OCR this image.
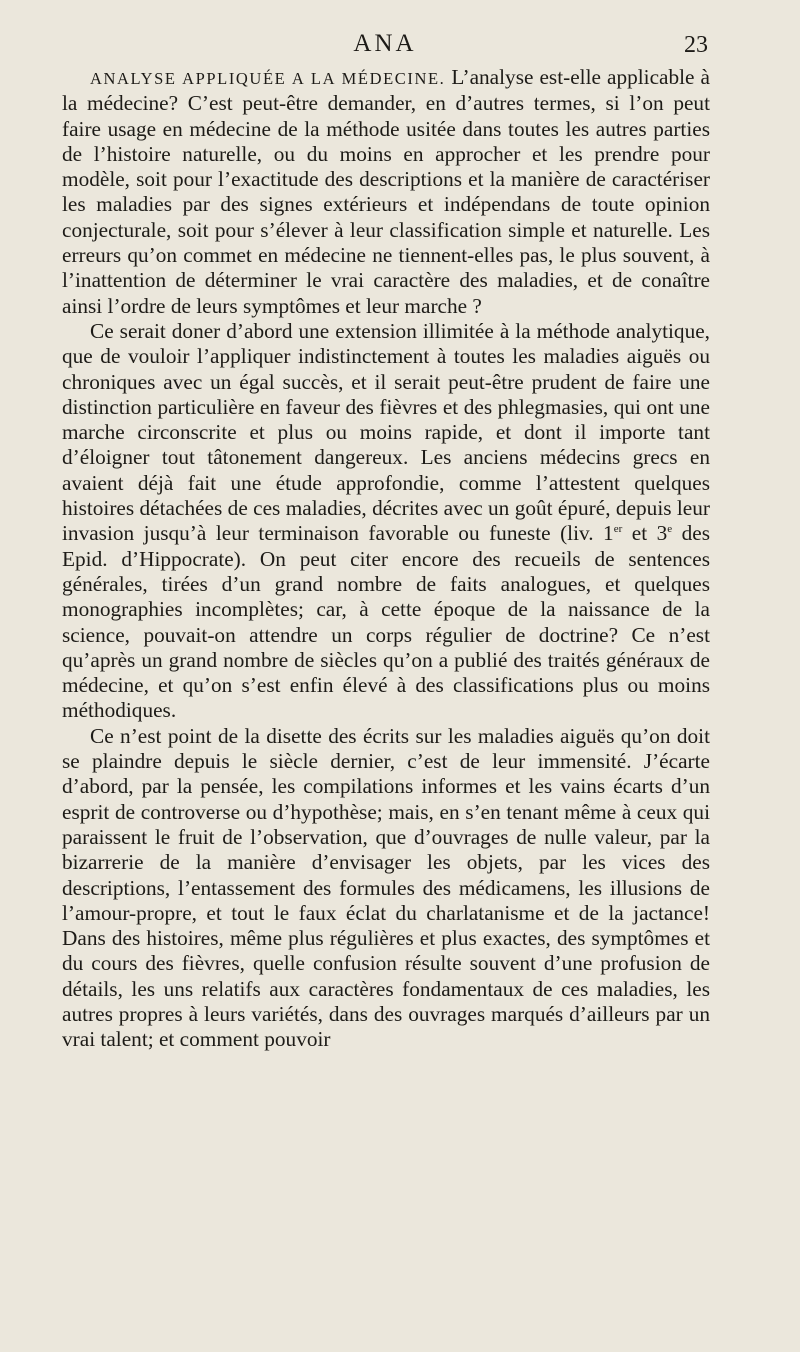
ANA	23

ANALYSE APPLIQUÉE A LA MÉDECINE. L’analyse est-elle applicable à la médecine? C’est peut-être demander, en d’autres termes, si l’on peut faire usage en médecine de la méthode usitée dans toutes les autres parties de l’histoire naturelle, ou du moins en approcher et les prendre pour modèle, soit pour l’exactitude des descriptions et la manière de caractériser les maladies par des signes extérieurs et indépendans de toute opinion conjecturale, soit pour s’élever à leur classification simple et naturelle. Les erreurs qu’on commet en médecine ne tiennent-elles pas, le plus souvent, à l’inattention de déterminer le vrai caractère des maladies, et de conaître ainsi l’ordre de leurs symptômes et leur marche ?

Ce serait doner d’abord une extension illimitée à la méthode analytique, que de vouloir l’appliquer indistinctement à toutes les maladies aiguës ou chroniques avec un égal succès, et il serait peut-être prudent de faire une distinction particulière en faveur des fièvres et des phlegmasies, qui ont une marche circonscrite et plus ou moins rapide, et dont il importe tant d’éloigner tout tâtonement dangereux. Les anciens médecins grecs en avaient déjà fait une étude approfondie, comme l’attestent quelques histoires détachées de ces maladies, décrites avec un goût épuré, depuis leur invasion jusqu’à leur terminaison favorable ou funeste (liv. 1er et 3e des Epid. d’Hippocrate). On peut citer encore des recueils de sentences générales, tirées d’un grand nombre de faits analogues, et quelques monographies incomplètes; car, à cette époque de la naissance de la science, pouvait-on attendre un corps régulier de doctrine? Ce n’est qu’après un grand nombre de siècles qu’on a publié des traités généraux de médecine, et qu’on s’est enfin élevé à des classifications plus ou moins méthodiques.

Ce n’est point de la disette des écrits sur les maladies aiguës qu’on doit se plaindre depuis le siècle dernier, c’est de leur immensité. J’écarte d’abord, par la pensée, les compilations informes et les vains écarts d’un esprit de controverse ou d’hypothèse; mais, en s’en tenant même à ceux qui paraissent le fruit de l’observation, que d’ouvrages de nulle valeur, par la bizarrerie de la manière d’envisager les objets, par les vices des descriptions, l’entassement des formules des médicamens, les illusions de l’amour-propre, et tout le faux éclat du charlatanisme et de la jactance! Dans des histoires, même plus régulières et plus exactes, des symptômes et du cours des fièvres, quelle confusion résulte souvent d’une profusion de détails, les uns relatifs aux caractères fondamentaux de ces maladies, les autres propres à leurs variétés, dans des ouvrages marqués d’ailleurs par un vrai talent; et comment pouvoir
